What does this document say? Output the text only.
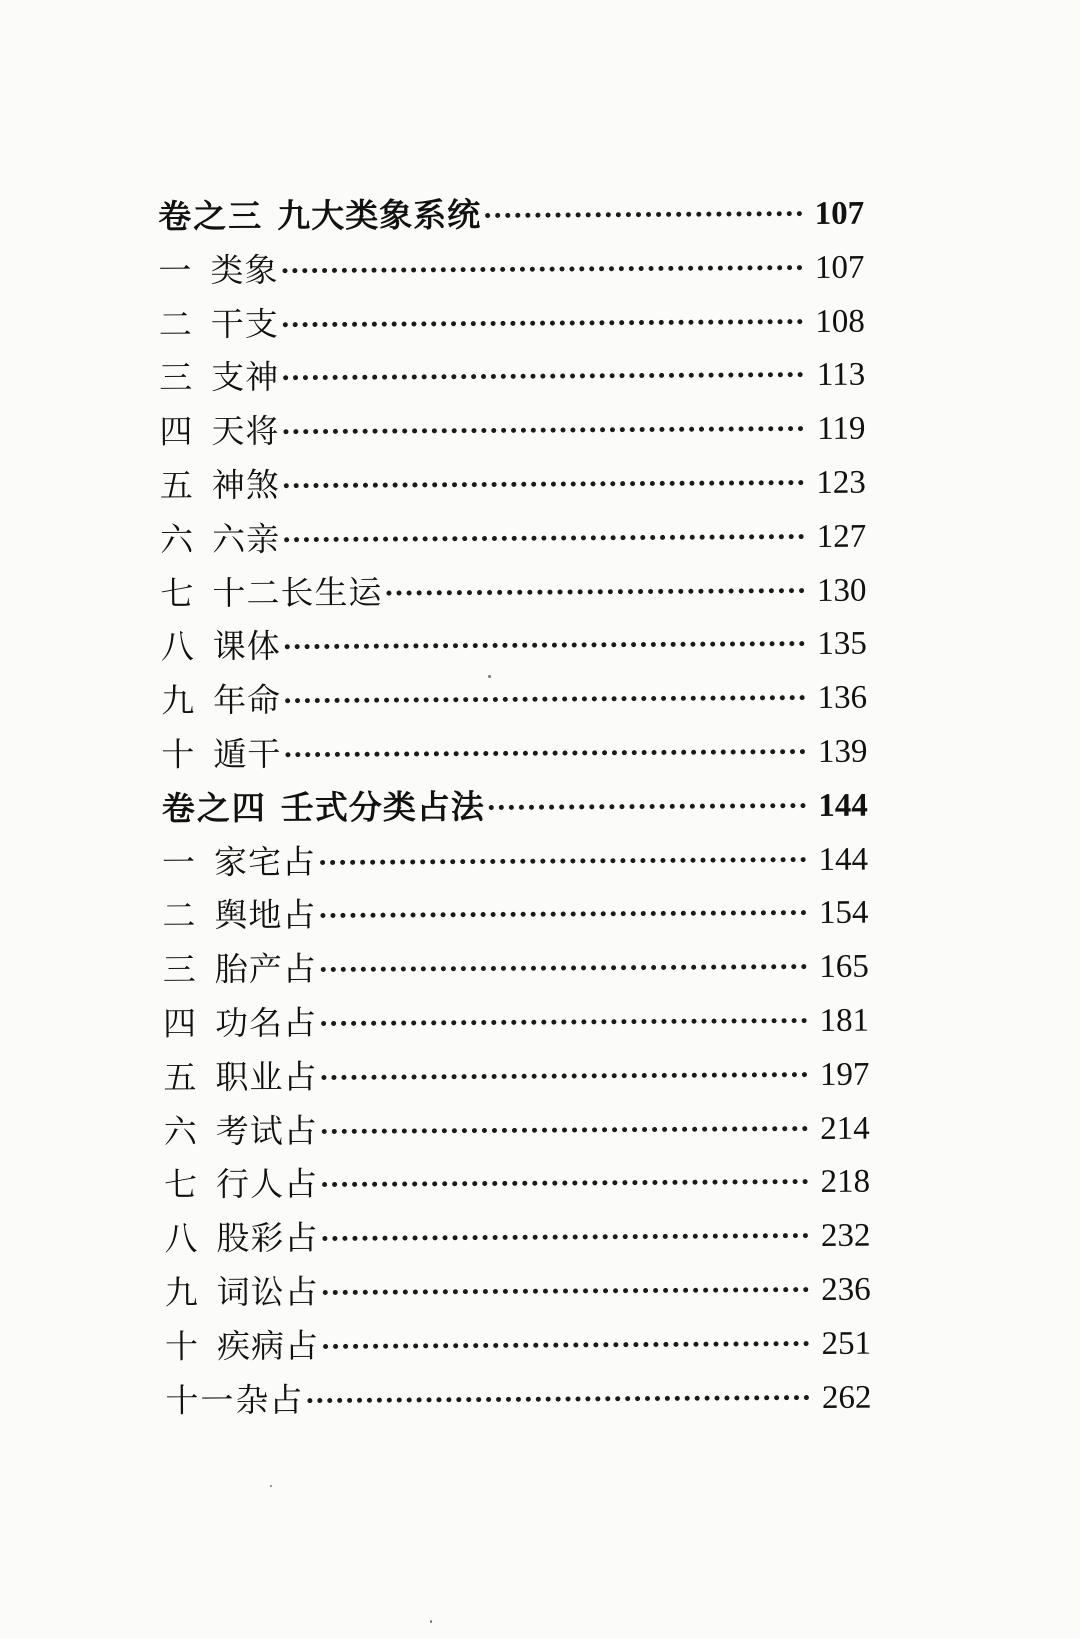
卷之三 九大类象系统	107
一 类象	107
二 干支	108
三 支神	113
四 天将	119
五 神煞	123
六 六亲	127
七 十二长生运	130
八 课体	135
九 年命	136
十 遁干	139
卷之四 壬式分类占法	144
一 家宅占	144
二 舆地占	154
三 胎产占	165
四 功名占	181
五 职业占	197
六 考试占	214
七 行人占	218
八 股彩占	232
九 词讼占	236
十 疾病占	251
十一 杂占	262
